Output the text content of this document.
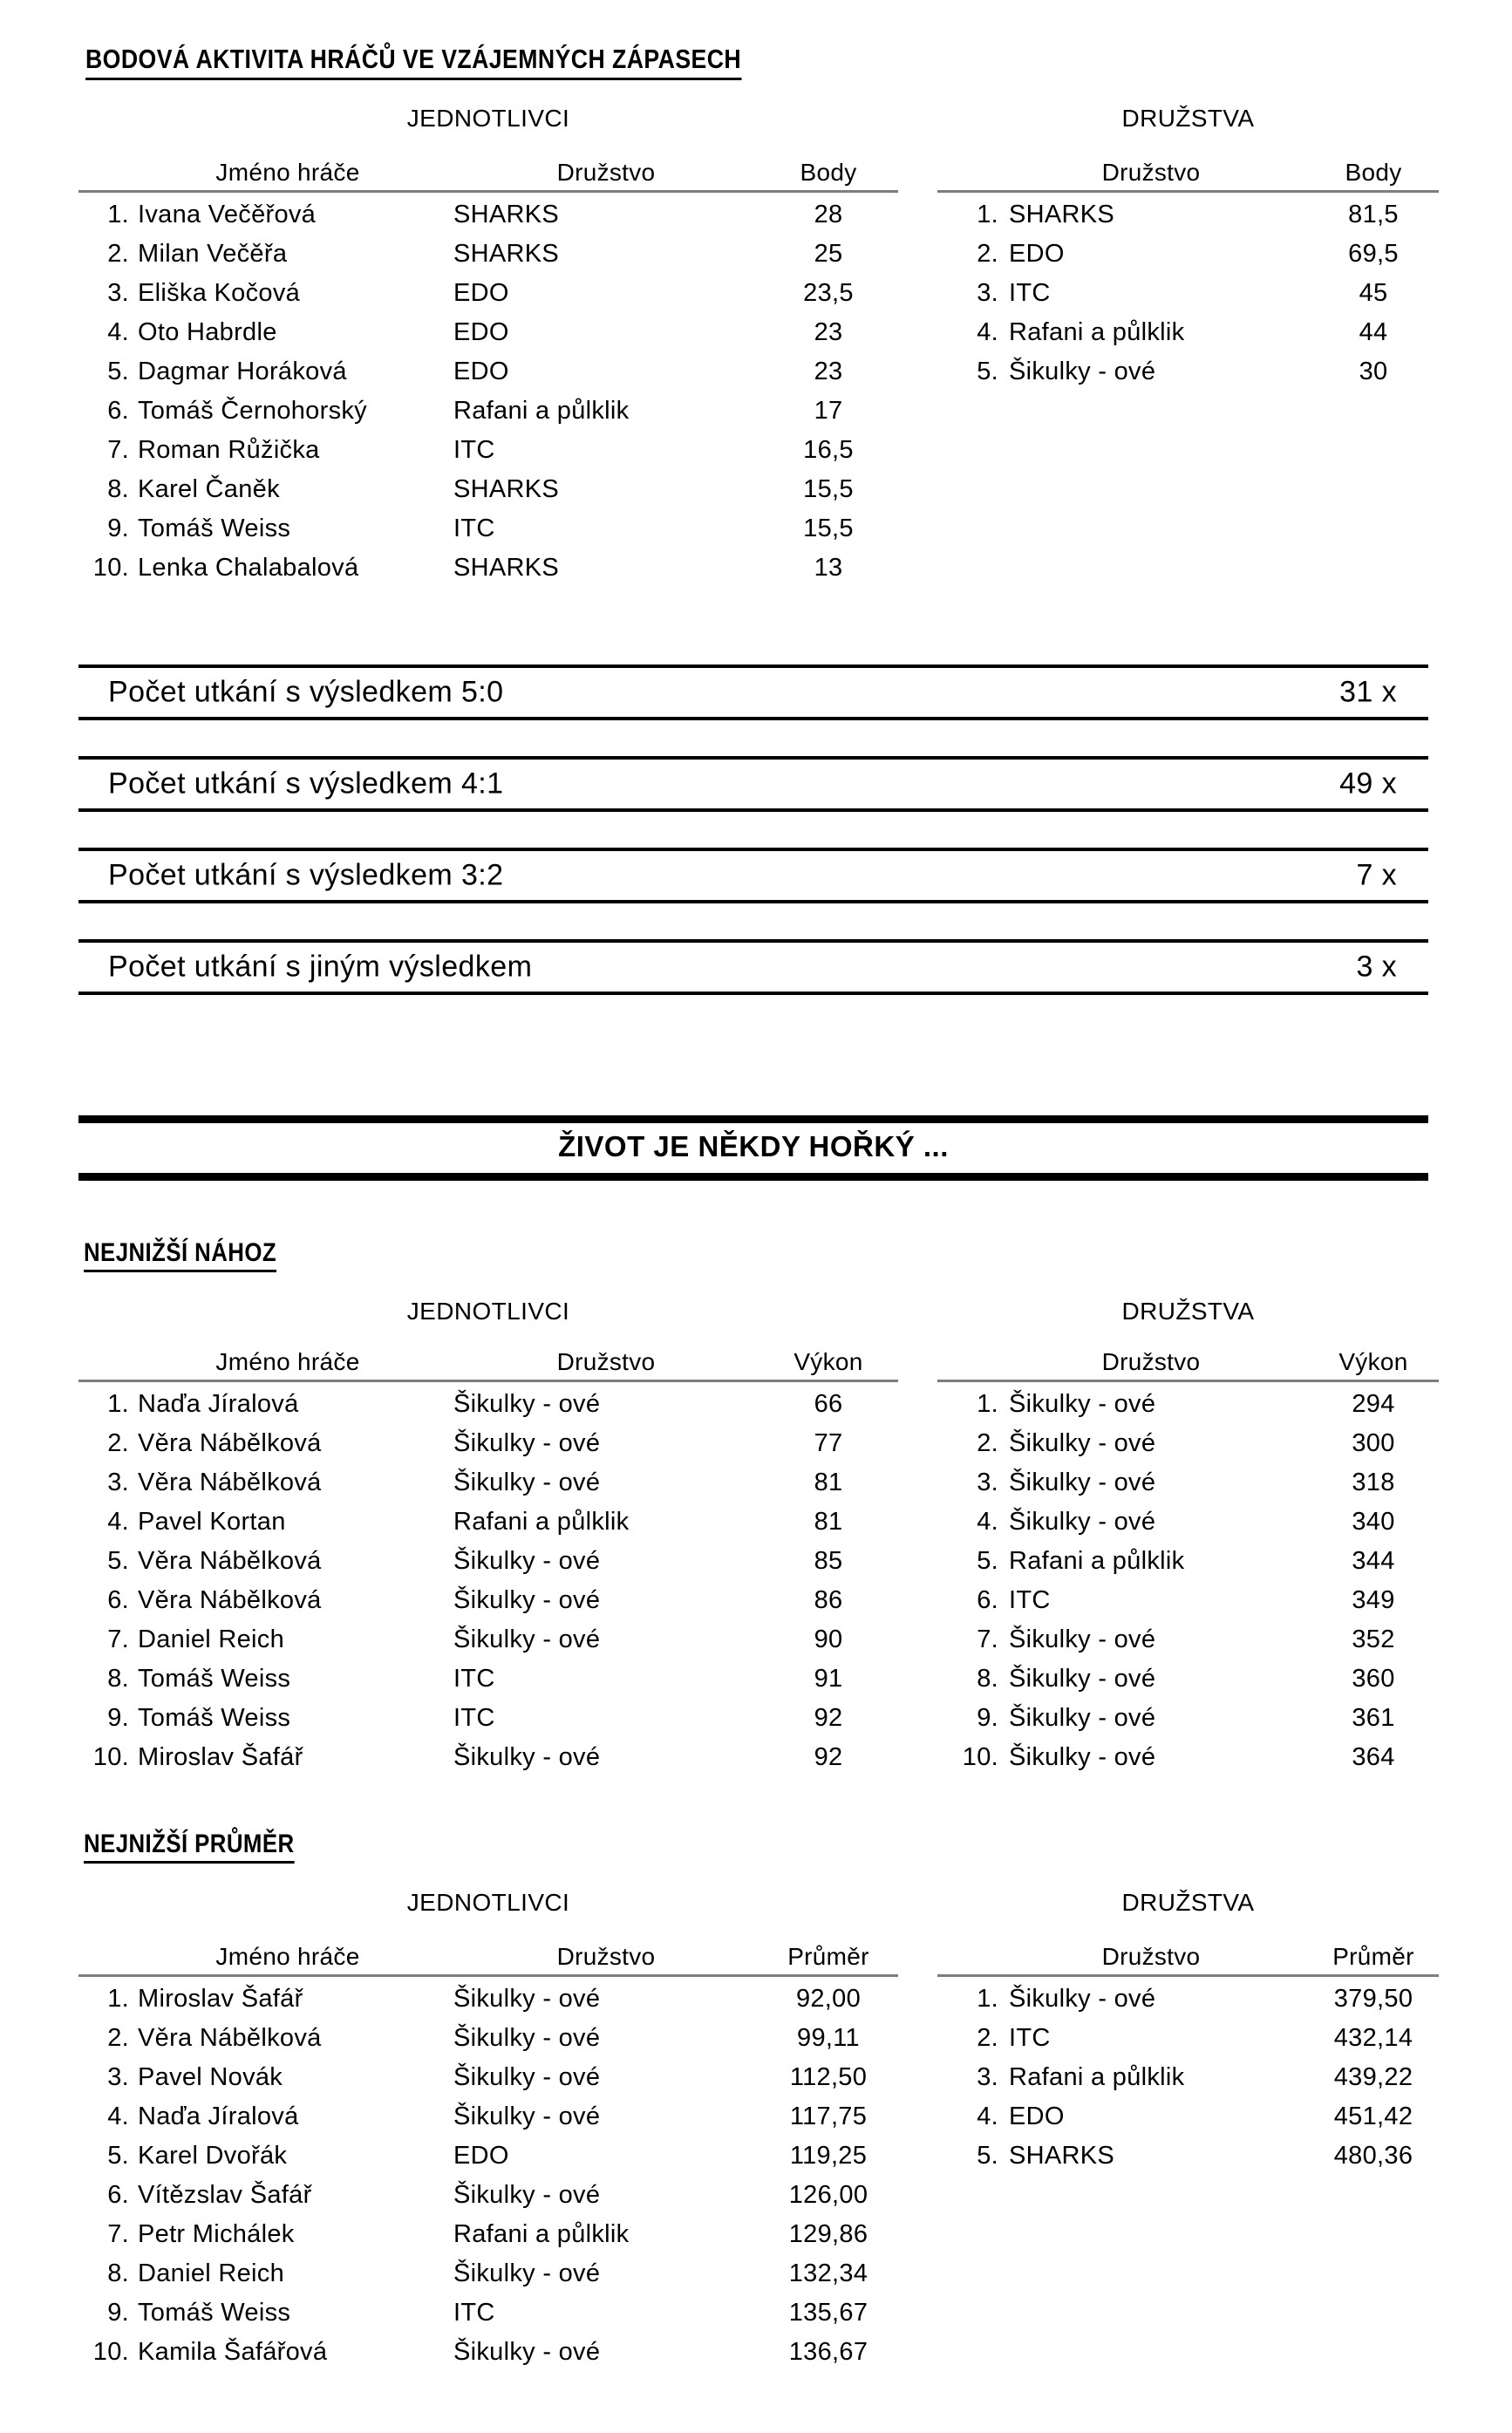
BODOVÁ AKTIVITA HRÁČŮ VE VZÁJEMNÝCH ZÁPASECH
JEDNOTLIVCI	DRUŽSTVA
Jméno hráče	Družstvo	Body
1. Ivana Večěřová	SHARKS	28
2. Milan Večěřa	SHARKS	25
3. Eliška Kočová	EDO	23,5
4. Oto Habrdle	EDO	23
5. Dagmar Horáková	EDO	23
6. Tomáš Černohorský	Rafani a půlklik	17
7. Roman Růžička	ITC	16,5
8. Karel Čaněk	SHARKS	15,5
9. Tomáš Weiss	ITC	15,5
10. Lenka Chalabalová	SHARKS	13
Družstvo	Body
1. SHARKS	81,5
2. EDO	69,5
3. ITC	45
4. Rafani a půlklik	44
5. Šikulky - ové	30
Počet utkání s výsledkem 5:0	31 x
Počet utkání s výsledkem 4:1	49 x
Počet utkání s výsledkem 3:2	7 x
Počet utkání s jiným výsledkem	3 x
ŽIVOT JE NĚKDY HOŘKÝ ...
NEJNIŽŠÍ NÁHOZ
JEDNOTLIVCI	DRUŽSTVA
Jméno hráče	Družstvo	Výkon
1. Naďa Jíralová	Šikulky - ové	66
2. Věra Nábělková	Šikulky - ové	77
3. Věra Nábělková	Šikulky - ové	81
4. Pavel Kortan	Rafani a půlklik	81
5. Věra Nábělková	Šikulky - ové	85
6. Věra Nábělková	Šikulky - ové	86
7. Daniel Reich	Šikulky - ové	90
8. Tomáš Weiss	ITC	91
9. Tomáš Weiss	ITC	92
10. Miroslav Šafář	Šikulky - ové	92
Družstvo	Výkon
1. Šikulky - ové	294
2. Šikulky - ové	300
3. Šikulky - ové	318
4. Šikulky - ové	340
5. Rafani a půlklik	344
6. ITC	349
7. Šikulky - ové	352
8. Šikulky - ové	360
9. Šikulky - ové	361
10. Šikulky - ové	364
NEJNIŽŠÍ PRŮMĚR
JEDNOTLIVCI	DRUŽSTVA
Jméno hráče	Družstvo	Průměr
1. Miroslav Šafář	Šikulky - ové	92,00
2. Věra Nábělková	Šikulky - ové	99,11
3. Pavel Novák	Šikulky - ové	112,50
4. Naďa Jíralová	Šikulky - ové	117,75
5. Karel Dvořák	EDO	119,25
6. Vítězslav Šafář	Šikulky - ové	126,00
7. Petr Michálek	Rafani a půlklik	129,86
8. Daniel Reich	Šikulky - ové	132,34
9. Tomáš Weiss	ITC	135,67
10. Kamila Šafářová	Šikulky - ové	136,67
Družstvo	Průměr
1. Šikulky - ové	379,50
2. ITC	432,14
3. Rafani a půlklik	439,22
4. EDO	451,42
5. SHARKS	480,36
